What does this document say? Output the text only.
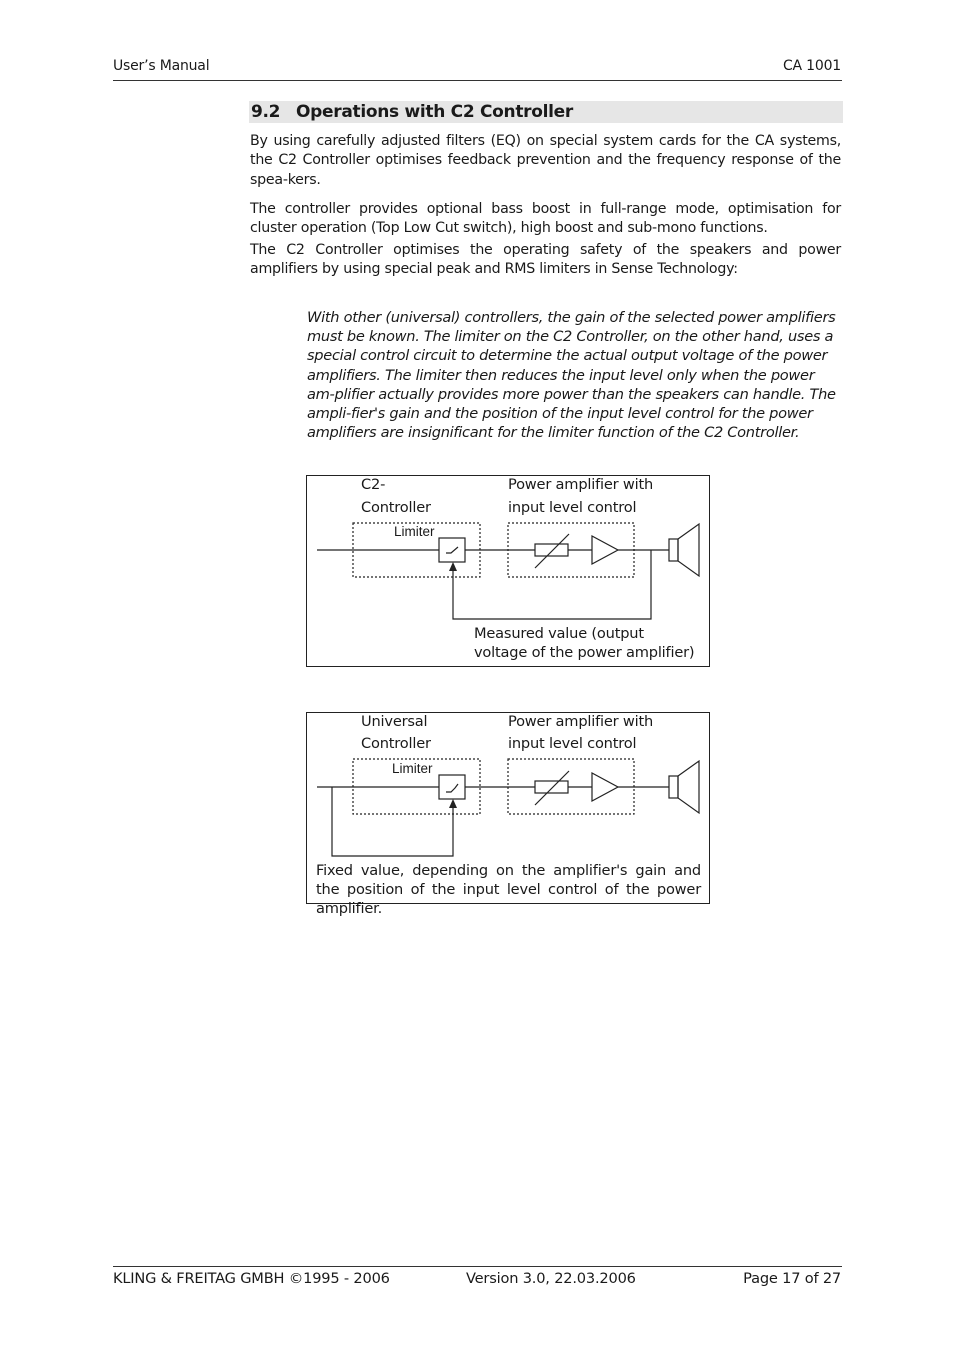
User’s Manual	CA 1001
9.2 Operations with C2 Controller

By using carefully adjusted filters (EQ) on special system cards for the CA systems, the C2 Controller optimises feedback prevention and the frequency response of the spea-kers.

The controller provides optional bass boost in full-range mode, optimisation for cluster operation (Top Low Cut switch), high boost and sub-mono functions.

The C2 Controller optimises the operating safety of the speakers and power amplifiers by using special peak and RMS limiters in Sense Technology:

With other (universal) controllers, the gain of the selected power amplifiers must be known. The limiter on the C2 Controller, on the other hand, uses a special control circuit to determine the actual output voltage of the power amplifiers. The limiter then reduces the input level only when the power am-plifier actually provides more power than the speakers can handle. The ampli-fier's gain and the position of the input level control for the power amplifiers are insignificant for the limiter function of the C2 Controller.

C2-
Controller
Limiter
Power amplifier with
input level control
Measured value (output voltage of the power amplifier)
Universal
Controller
Limiter
Power amplifier with
input level control
Fixed value, depending on the amplifier's gain and the position of the input level control of the power amplifier.
KLING & FREITAG GMBH ©1995 - 2006	Version 3.0, 22.03.2006	Page 17 of 27
